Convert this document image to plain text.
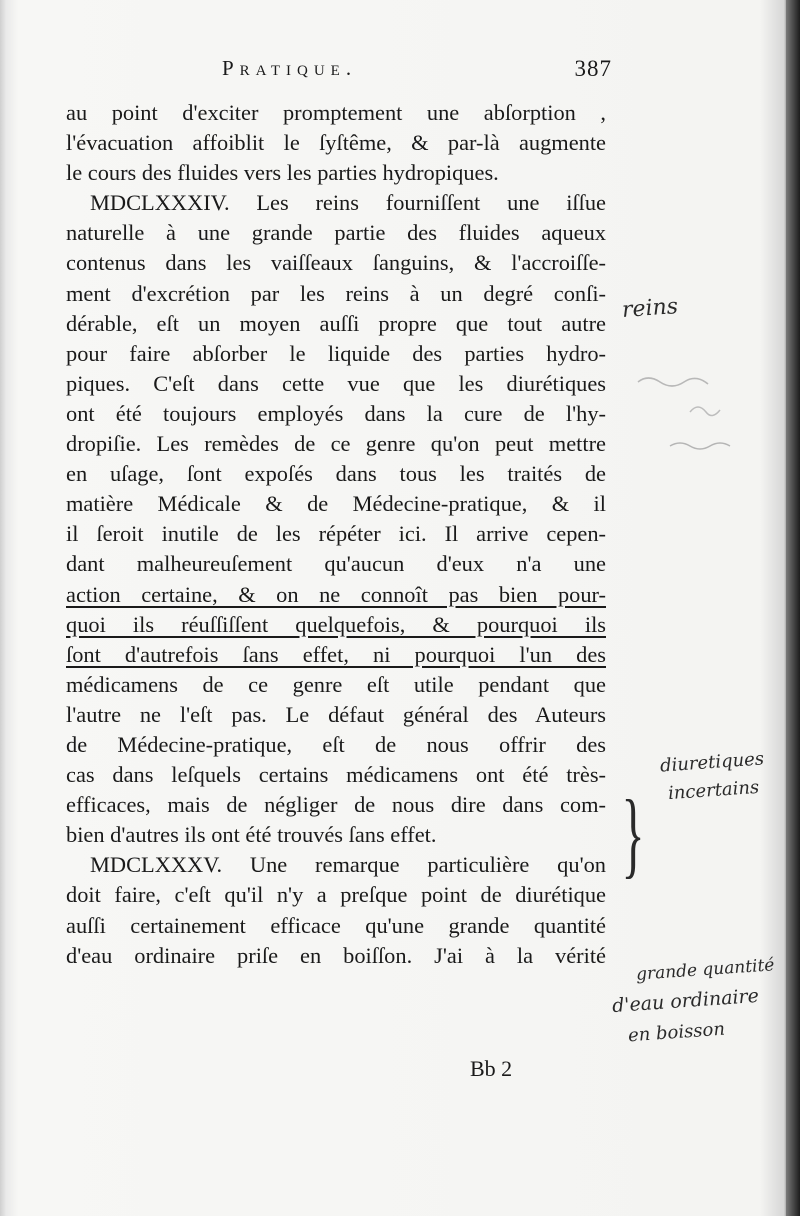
Pratique.	387
au point d'exciter promptement une abſorption ,
l'évacuation affoiblit le ſyſtême, & par-là augmente
le cours des fluides vers les parties hydropiques.
MDCLXXXIV. Les reins fourniſſent une iſſue
naturelle à une grande partie des fluides aqueux
contenus dans les vaiſſeaux ſanguins, & l'accroiſſe-
ment d'excrétion par les reins à un degré conſi-
dérable, eſt un moyen auſſi propre que tout autre
pour faire abſorber le liquide des parties hydro-
piques. C'eſt dans cette vue que les diurétiques
ont été toujours employés dans la cure de l'hy-
dropiſie. Les remèdes de ce genre qu'on peut mettre
en uſage, ſont expoſés dans tous les traités de
matière Médicale & de Médecine-pratique, & il
il ſeroit inutile de les répéter ici. Il arrive cepen-
dant malheureuſement qu'aucun d'eux n'a une
action certaine, & on ne connoît pas bien pour-
quoi ils réuſſiſſent quelquefois, & pourquoi ils
ſont d'autrefois ſans effet, ni pourquoi l'un des
médicamens de ce genre eſt utile pendant que
l'autre ne l'eſt pas. Le défaut général des Auteurs
de Médecine-pratique, eſt de nous offrir des
cas dans leſquels certains médicamens ont été très-
efficaces, mais de négliger de nous dire dans com-
bien d'autres ils ont été trouvés ſans effet.
MDCLXXXV. Une remarque particulière qu'on
doit faire, c'eſt qu'il n'y a preſque point de diurétique
auſſi certainement efficace qu'une grande quantité
d'eau ordinaire priſe en boiſſon. J'ai à la vérité
Bb 2
reins
diuretiques
incertains
}
grande quantité
d'eau ordinaire
en boisson
